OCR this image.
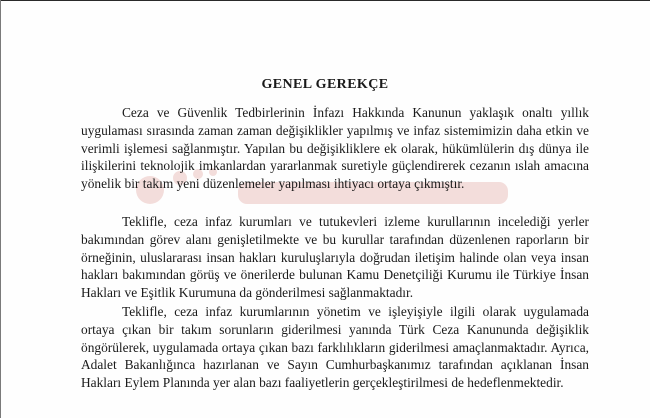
GENEL GEREKÇE

Ceza ve Güvenlik Tedbirlerinin İnfazı Hakkında Kanunun yaklaşık onaltı yıllık uygulaması sırasında zaman zaman değişiklikler yapılmış ve infaz sistemimizin daha etkin ve verimli işlemesi sağlanmıştır. Yapılan bu değişikliklere ek olarak, hükümlülerin dış dünya ile ilişkilerini teknolojik imkanlardan yararlanmak suretiyle güçlendirerek cezanın ıslah amacına yönelik bir takım yeni düzenlemeler yapılması ihtiyacı ortaya çıkmıştır.

Teklifle, ceza infaz kurumları ve tutukevleri izleme kurullarının incelediği yerler bakımından görev alanı genişletilmekte ve bu kurullar tarafından düzenlenen raporların bir örneğinin, uluslararası insan hakları kuruluşlarıyla doğrudan iletişim halinde olan veya insan hakları bakımından görüş ve önerilerde bulunan Kamu Denetçiliği Kurumu ile Türkiye İnsan Hakları ve Eşitlik Kurumuna da gönderilmesi sağlanmaktadır.

Teklifle, ceza infaz kurumlarının yönetim ve işleyişiyle ilgili olarak uygulamada ortaya çıkan bir takım sorunların giderilmesi yanında Türk Ceza Kanununda değişiklik öngörülerek, uygulamada ortaya çıkan bazı farklılıkların giderilmesi amaçlanmaktadır. Ayrıca, Adalet Bakanlığınca hazırlanan ve Sayın Cumhurbaşkanımız tarafından açıklanan İnsan Hakları Eylem Planında yer alan bazı faaliyetlerin gerçekleştirilmesi de hedeflenmektedir.
